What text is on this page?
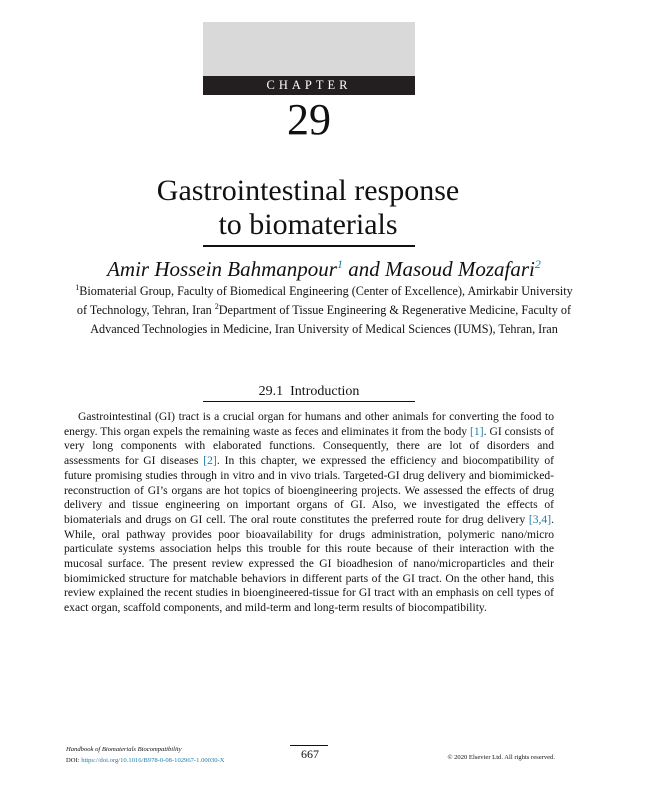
CHAPTER
29
Gastrointestinal response
to biomaterials
Amir Hossein Bahmanpour$^1$ and Masoud Mozafari$^2$
$^1$Biomaterial Group, Faculty of Biomedical Engineering (Center of Excellence), Amirkabir University of Technology, Tehran, Iran $^2$Department of Tissue Engineering & Regenerative Medicine, Faculty of Advanced Technologies in Medicine, Iran University of Medical Sciences (IUMS), Tehran, Iran
29.1 Introduction

Gastrointestinal (GI) tract is a crucial organ for humans and other animals for converting the food to energy. This organ expels the remaining waste as feces and eliminates it from the body [1]. GI consists of very long components with elaborated functions. Consequently, there are lot of disorders and assessments for GI diseases [2]. In this chapter, we expressed the efficiency and biocompatibility of future promising studies through in vitro and in vivo trials. Targeted-GI drug delivery and biomimicked-reconstruction of GI’s organs are hot topics of bioengineering projects. We assessed the effects of drug delivery and tissue engineering on important organs of GI. Also, we investigated the effects of biomaterials and drugs on GI cell. The oral route constitutes the preferred route for drug delivery [3,4]. While, oral pathway provides poor bioavailability for drugs administration, polymeric nano/micro particulate systems association helps this trouble for this route because of their interaction with the mucosal surface. The present review expressed the GI bioadhesion of nano/microparticles and their biomimicked structure for matchable behaviors in different parts of the GI tract. On the other hand, this review explained the recent studies in bioengineered-tissue for GI tract with an emphasis on cell types of exact organ, scaffold components, and mild-term and long-term results of biocompatibility.

Handbook of Biomaterials Biocompatibility
DOI: https://doi.org/10.1016/B978-0-08-102967-1.00030-X	667	© 2020 Elsevier Ltd. All rights reserved.
